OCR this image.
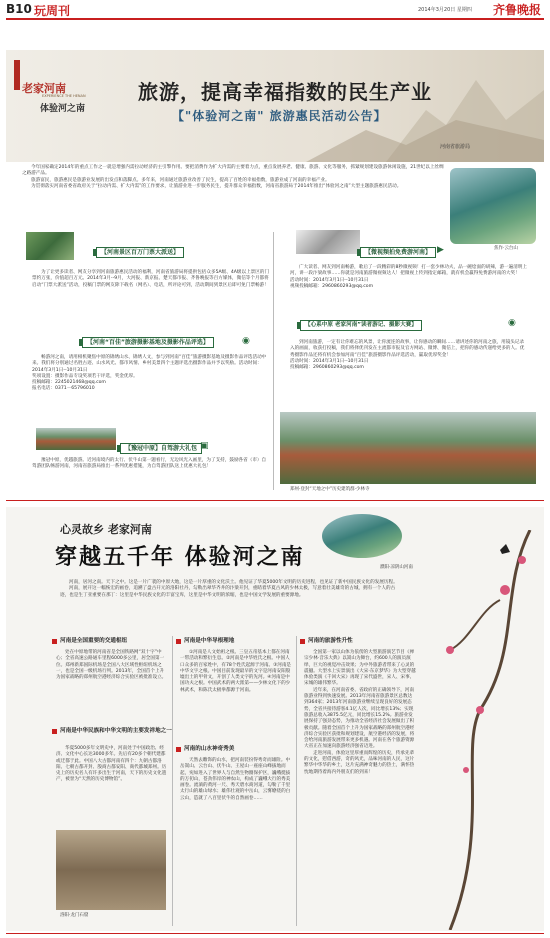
B10 玩周刊	2014年3月20日 星期四 齐鲁晚报
老家河南
EXPERIENCE THE HENAN
体验河之南
旅游，提高幸福指数的民生产业
【"体验河之南" 旅游惠民活动公告】
河南省旅游局

今年国家确定2014年的重点工作之一就是增强内需拉动经济的主引擎作用。要把消费作为扩大内需的主要着力点，重点发展养老、健康、旅游、文化等服务，抓紧规划建设旅游休闲设施，21世纪以上丝绸之路游产品。

旅游富民，旅游惠民是旅游业发展的出发点和落脚点。多年来，河南通过旅游业改善了民生，提高了百姓的幸福指数，旅游业成了河南的幸福产业。

为贯彻落实河南省委省政府关于“拉动内需、扩大内需”的工作要求，让旅游业进一步服务民生，提升群众幸福指数，河南省旅游局于2014年推出“体验河之南”大型主题旅游惠民活动。

焦作·云台山
【河南景区百万门票大派送】

为了让更多读者、网友分享到河南旅游惠民活动的福利，河南省旅游局将提供包括众多5A级、4A级以上景区的门票约万张，价值超百万元。2014年3月--9月，大河报、新京报、楚天都市报、齐鲁晚报等百方媒体，微信等个月都将启动“门票大派送”活动，投稿门票的网友除下载名（网名）、电话，所评论可到，活动期间到景区后即可免门票畅游！

【河南“百佳”旅游摄影基地及摄影作品评选】	◉

畅游河之南，请用相机聚焦中原的锦绣山水、锦绣人文，参与到河南“百佳”旅游摄影基地及摄影作品评选活动中来。我们将分别通过名胜古迹、山水风光、都市风情、乡村美景四个主题评选出摄影作品并予以奖励。活动时间：2014年3月1日--10月31日

奖项设置：摄影作品专设奖项若干评选，奖金优厚。
投稿邮箱：2245021468@qq.com
报名电话：0371－65796010
【豫冠中原】自驾游大礼包 ▣

豫冠中原，优越旅游。近河南境内的太行、伏牛山第一题看行，无边风光入画里，为了支持，鼓励各省（市）自驾游团队畅游河南，河南省旅游局推出一系列优惠措施，为自驾游团队送上优惠大礼包！

【微视频拍免费游河南】 ▶

广大读者、网友到河南畅游，歌后了一段精彩的8秒微视频！打一套少林功夫，品一碗烩面的胡辣，游一遍清明上河，讲一段汴梁故事……你就是河南旅游微视频达人！把微视上传到指定邮箱，就有机会赢得免费游河南的大奖！

活动时间：2014年3月1日--10月31日
视频投稿邮箱：2960860293@qq.com
【心系中原 老家河南”读者游记、摄影大赛】	◉

到河南旅游，一定有让你难忘的风景，让你流连的故事，让你感动的瞬间……请讲述你的河南之旅，用镜头记录入的画面，收获打投稿，我们将择优刊发在主流都市报及官方网站、微博、微信上，把你的感动传递给更多的人。优秀摄影作品还将有机会参加河南“百佳”旅游摄影作品评选活动，赢取优厚奖金！

活动时间：2014年3月1日--10月31日
投稿邮箱：2960860293@qq.com
郑州·登封“天地之中”历史建筑群·少林寺
心灵故乡 老家河南
穿越五千年 体验河之南	濮阳·凉阴山河南

河南，居河之南。天下之中。这是一片广袤的中原大地，这是一片厚重的文化沃土。他见证了华夏5000年文明的历史进程，也见证了新中国民族文化的发展历程。

河南，展开这一幅恢宏的画卷，追溯了盘古开元的洛阳社丹，勾勒出翠华齐井的汴梁开封，重睹着华夏古风的少林太极，写意着壮美雄奇的古城，拥有一个人的古迹，也是生丁亚重要在那丁：这里是中华民族文化的丰富宝库，这里是中华文明的浓缩，也是中国文学发展的重要源地。

河南是全国重要的交通枢纽

处在中原地带的河南省是全国铁路网“双十字”中心；全省高速公路通车里程6000多公里，居全国第一位。郑州新郑国际机场是全国八大区域性枢纽机场之一，也是全国一级机场行列。2013年，全国首个上升为国家战略的郑州航空港经济综合实验区被批准设立。

河南是中华民族和中华文明的主要发祥地之一

华夏5000多年文明史中，河南处于中国政治、经济、文化中心长达3000多年。先后有20多个朝代建都或迁都于此。中国八大古都河南有四个：九朝古都洛阳、七朝古都开封、殷商古都安阳、商代都城郑州。历史上的历史名人有许多出生于河南，天下的历史文化遗产，被誉为“天然的历史博物馆”。

洛阳·龙门石窟
河南是中华导根理地

①河南是人文始祖之根。三皇五帝基本上都在河南一带活动和繁衍生息。②河南是中华姓氏之根。中国人口众多的百家姓中，有78个姓氏起源于河南。③河南是中华文字之根。中国目前发现最早的文字是河南安阳殷墟出土的甲骨文，开创了人类文字的先河。④河南是中国功夫之根。中国武术的两大派第——少林文化下的少林武术，和陈氏太极拳都源于河南。

河南的山水神奇秀美

天然去雕饰的山水，把河南装扮得秀奇而雄险。中岳嵩山、云台山、伏牛山、王屋山一座座山峰拔地而起，宛如进入了世界人与自然生物圈保护区，巍峨挺拔的万仞山，苍劲伟岸的神农山，构成了巍峨大行的秀美画卷。流淌的黄河一尺、秀天碧水商河道，勾勒了千里太行山的雄山绿水；雄伟壮观的中岳山，云雾缭绕的白云山，造就了八百里伏牛的自然画卷……

河南的旅游性升性

全国第一家以山体为依傍的大型旅游演艺节目《禅宗少林·音乐大典》以嵩山为舞台，约600人的演员演绎，巨大的视觉冲击效果；为中外旅游者带来了心灵的震撼。大型水上实景演出《大宋·东京梦华》为大型穿越体验类演《千回大宋》再现了宋代盛世，宋人、宋事、宋城的雄伟繁华。

近年来，在河南省委、省政府的正确领导下，河南旅游业得到快速发展。2013年河南省旅游景区总数达到364家；2013年河南旅游业继续呈现良好的发展态势，全省共接待游客4.1亿人次，同比增长13%；实现旅游总收入3875.5亿元，同比增长15.2%。旅游业发展保持了强劲态势，为推动全省经济社会发展做出了积极贡献。随着全国首个上升为国家战略的郑州航空港经济综合实验区获批和规划建设，航空港经济的发展，将会给河南旅游发展带来更多机遇。河南在各个旅游资源大省正在加速向旅游经济强省迈进。

走进河南，体验这里厚重而辉煌的历史，传承先辈的文化，慰借西游，奇的风光，品味河南的人民，这片繁华中华华的乡土，这片充满神奇魅力的热土，满怀热忱地期待着海内外朋友们的到来！
